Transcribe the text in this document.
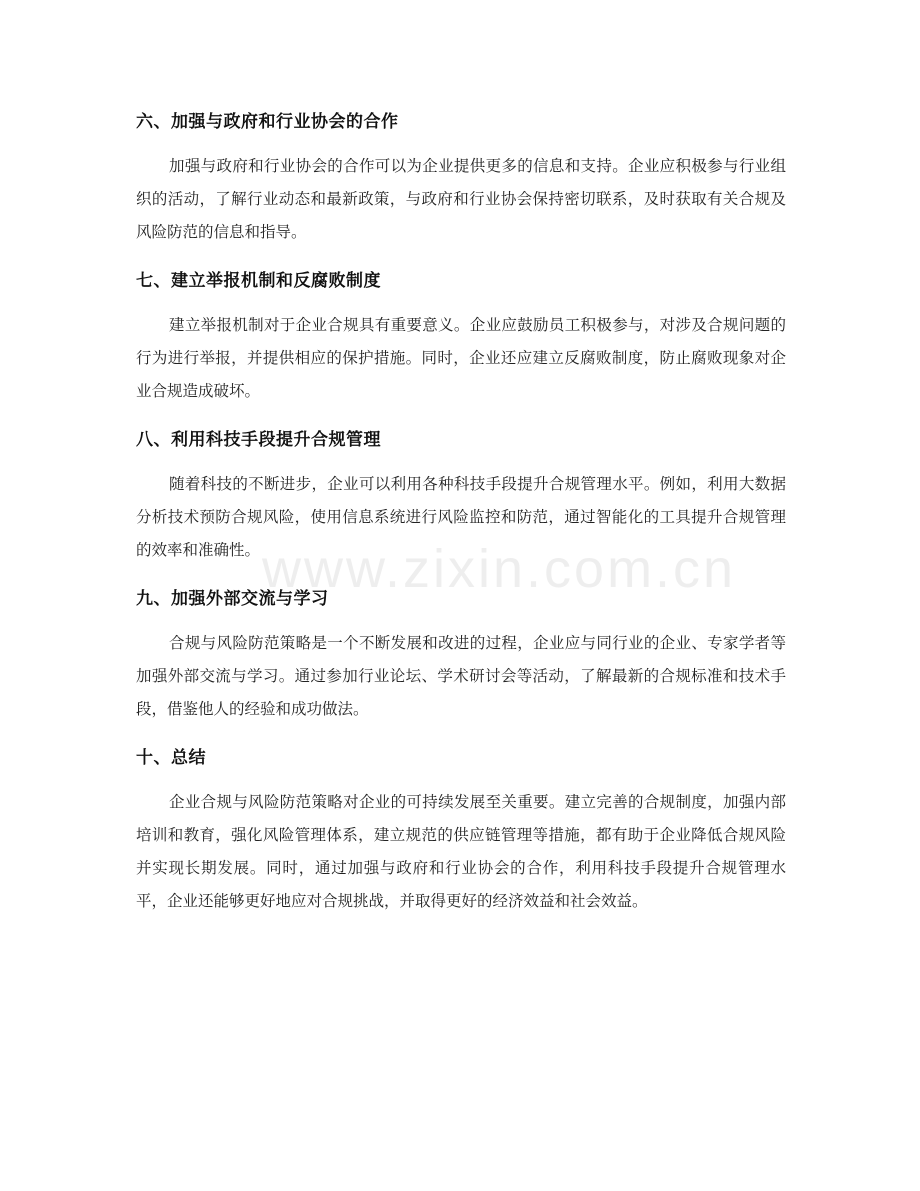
六、加强与政府和行业协会的合作

加强与政府和行业协会的合作可以为企业提供更多的信息和支持。企业应积极参与行业组织的活动，了解行业动态和最新政策，与政府和行业协会保持密切联系，及时获取有关合规及风险防范的信息和指导。

七、建立举报机制和反腐败制度

建立举报机制对于企业合规具有重要意义。企业应鼓励员工积极参与，对涉及合规问题的行为进行举报，并提供相应的保护措施。同时，企业还应建立反腐败制度，防止腐败现象对企业合规造成破坏。

八、利用科技手段提升合规管理

随着科技的不断进步，企业可以利用各种科技手段提升合规管理水平。例如，利用大数据分析技术预防合规风险，使用信息系统进行风险监控和防范，通过智能化的工具提升合规管理的效率和准确性。

九、加强外部交流与学习

合规与风险防范策略是一个不断发展和改进的过程，企业应与同行业的企业、专家学者等加强外部交流与学习。通过参加行业论坛、学术研讨会等活动，了解最新的合规标准和技术手段，借鉴他人的经验和成功做法。

十、总结

企业合规与风险防范策略对企业的可持续发展至关重要。建立完善的合规制度，加强内部培训和教育，强化风险管理体系，建立规范的供应链管理等措施，都有助于企业降低合规风险并实现长期发展。同时，通过加强与政府和行业协会的合作，利用科技手段提升合规管理水平，企业还能够更好地应对合规挑战，并取得更好的经济效益和社会效益。

www.zixin.com.cn
